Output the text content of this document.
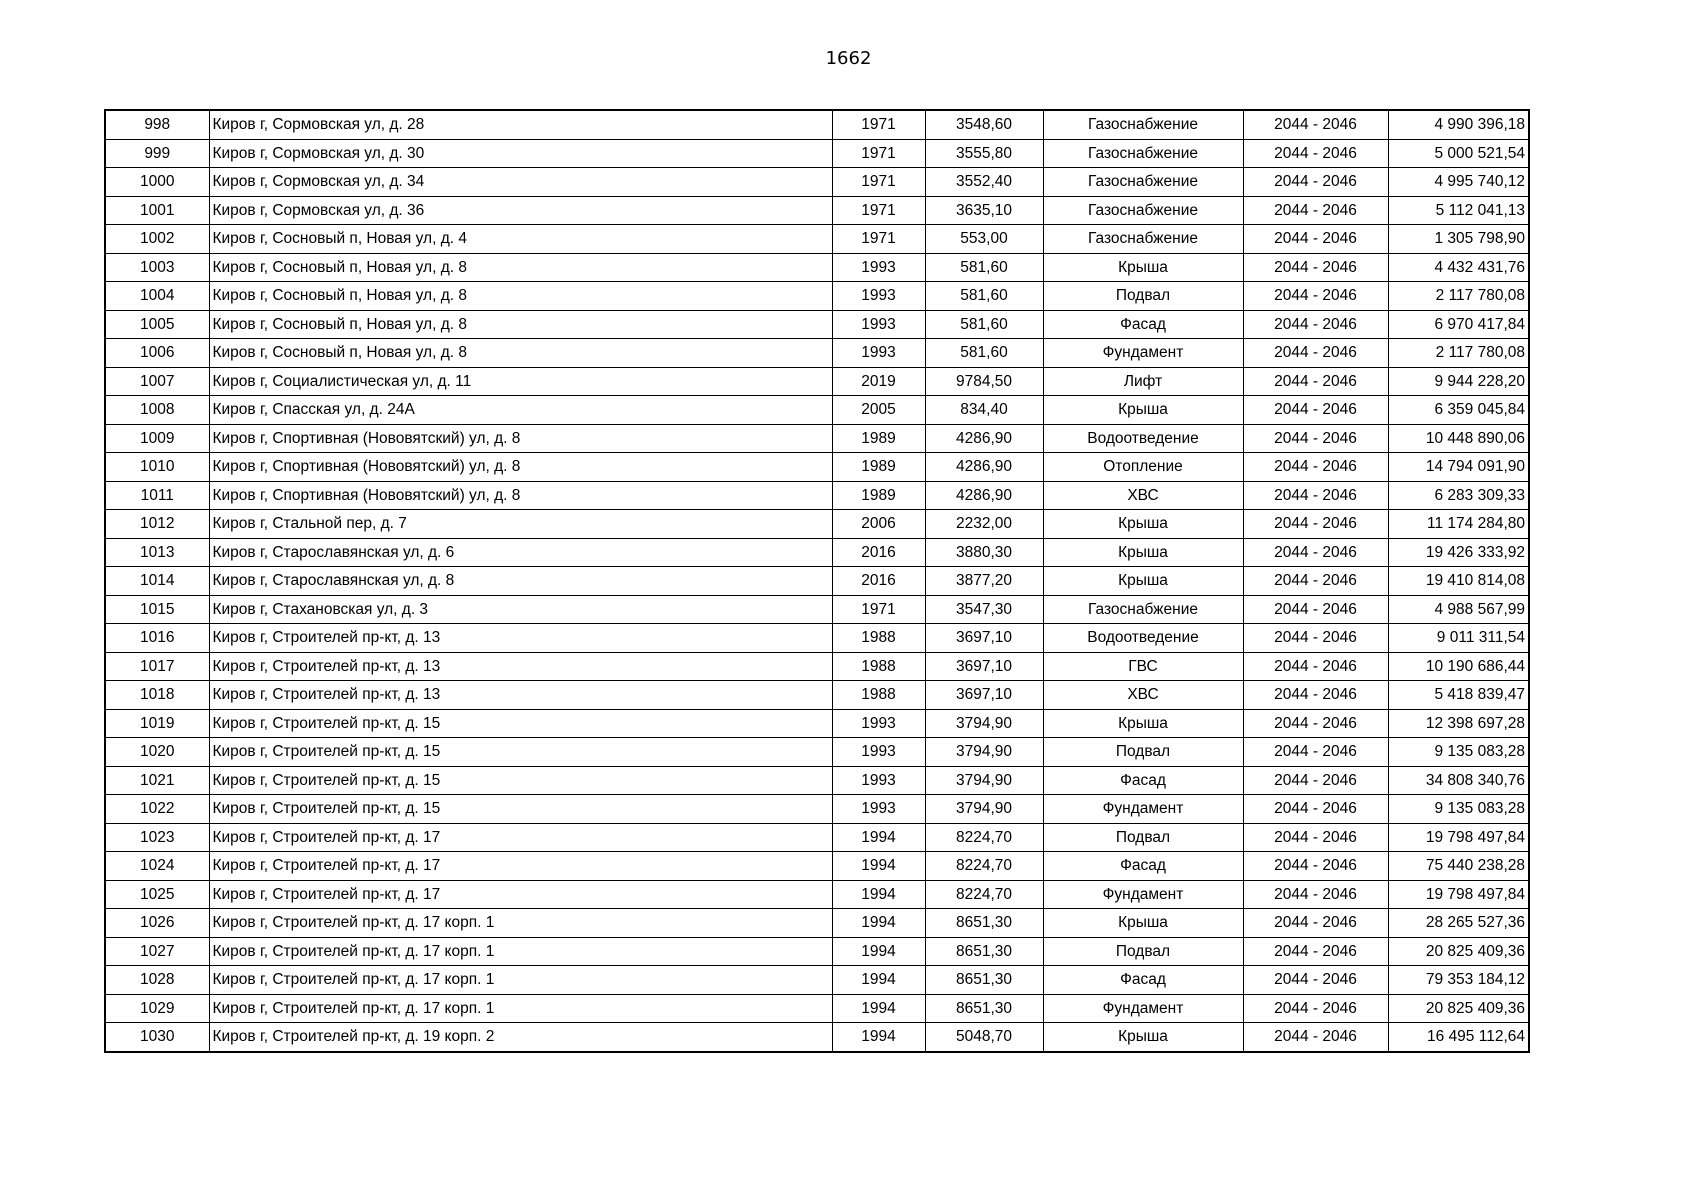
1662
998	Киров г, Сормовская ул, д. 28	1971	3548,60	Газоснабжение	2044 - 2046	4 990 396,18
999	Киров г, Сормовская ул, д. 30	1971	3555,80	Газоснабжение	2044 - 2046	5 000 521,54
1000	Киров г, Сормовская ул, д. 34	1971	3552,40	Газоснабжение	2044 - 2046	4 995 740,12
1001	Киров г, Сормовская ул, д. 36	1971	3635,10	Газоснабжение	2044 - 2046	5 112 041,13
1002	Киров г, Сосновый п, Новая ул, д. 4	1971	553,00	Газоснабжение	2044 - 2046	1 305 798,90
1003	Киров г, Сосновый п, Новая ул, д. 8	1993	581,60	Крыша	2044 - 2046	4 432 431,76
1004	Киров г, Сосновый п, Новая ул, д. 8	1993	581,60	Подвал	2044 - 2046	2 117 780,08
1005	Киров г, Сосновый п, Новая ул, д. 8	1993	581,60	Фасад	2044 - 2046	6 970 417,84
1006	Киров г, Сосновый п, Новая ул, д. 8	1993	581,60	Фундамент	2044 - 2046	2 117 780,08
1007	Киров г, Социалистическая ул, д. 11	2019	9784,50	Лифт	2044 - 2046	9 944 228,20
1008	Киров г, Спасская ул, д. 24А	2005	834,40	Крыша	2044 - 2046	6 359 045,84
1009	Киров г, Спортивная (Нововятский) ул, д. 8	1989	4286,90	Водоотведение	2044 - 2046	10 448 890,06
1010	Киров г, Спортивная (Нововятский) ул, д. 8	1989	4286,90	Отопление	2044 - 2046	14 794 091,90
1011	Киров г, Спортивная (Нововятский) ул, д. 8	1989	4286,90	ХВС	2044 - 2046	6 283 309,33
1012	Киров г, Стальной пер, д. 7	2006	2232,00	Крыша	2044 - 2046	11 174 284,80
1013	Киров г, Старославянская ул, д. 6	2016	3880,30	Крыша	2044 - 2046	19 426 333,92
1014	Киров г, Старославянская ул, д. 8	2016	3877,20	Крыша	2044 - 2046	19 410 814,08
1015	Киров г, Стахановская ул, д. 3	1971	3547,30	Газоснабжение	2044 - 2046	4 988 567,99
1016	Киров г, Строителей пр-кт, д. 13	1988	3697,10	Водоотведение	2044 - 2046	9 011 311,54
1017	Киров г, Строителей пр-кт, д. 13	1988	3697,10	ГВС	2044 - 2046	10 190 686,44
1018	Киров г, Строителей пр-кт, д. 13	1988	3697,10	ХВС	2044 - 2046	5 418 839,47
1019	Киров г, Строителей пр-кт, д. 15	1993	3794,90	Крыша	2044 - 2046	12 398 697,28
1020	Киров г, Строителей пр-кт, д. 15	1993	3794,90	Подвал	2044 - 2046	9 135 083,28
1021	Киров г, Строителей пр-кт, д. 15	1993	3794,90	Фасад	2044 - 2046	34 808 340,76
1022	Киров г, Строителей пр-кт, д. 15	1993	3794,90	Фундамент	2044 - 2046	9 135 083,28
1023	Киров г, Строителей пр-кт, д. 17	1994	8224,70	Подвал	2044 - 2046	19 798 497,84
1024	Киров г, Строителей пр-кт, д. 17	1994	8224,70	Фасад	2044 - 2046	75 440 238,28
1025	Киров г, Строителей пр-кт, д. 17	1994	8224,70	Фундамент	2044 - 2046	19 798 497,84
1026	Киров г, Строителей пр-кт, д. 17 корп. 1	1994	8651,30	Крыша	2044 - 2046	28 265 527,36
1027	Киров г, Строителей пр-кт, д. 17 корп. 1	1994	8651,30	Подвал	2044 - 2046	20 825 409,36
1028	Киров г, Строителей пр-кт, д. 17 корп. 1	1994	8651,30	Фасад	2044 - 2046	79 353 184,12
1029	Киров г, Строителей пр-кт, д. 17 корп. 1	1994	8651,30	Фундамент	2044 - 2046	20 825 409,36
1030	Киров г, Строителей пр-кт, д. 19 корп. 2	1994	5048,70	Крыша	2044 - 2046	16 495 112,64
